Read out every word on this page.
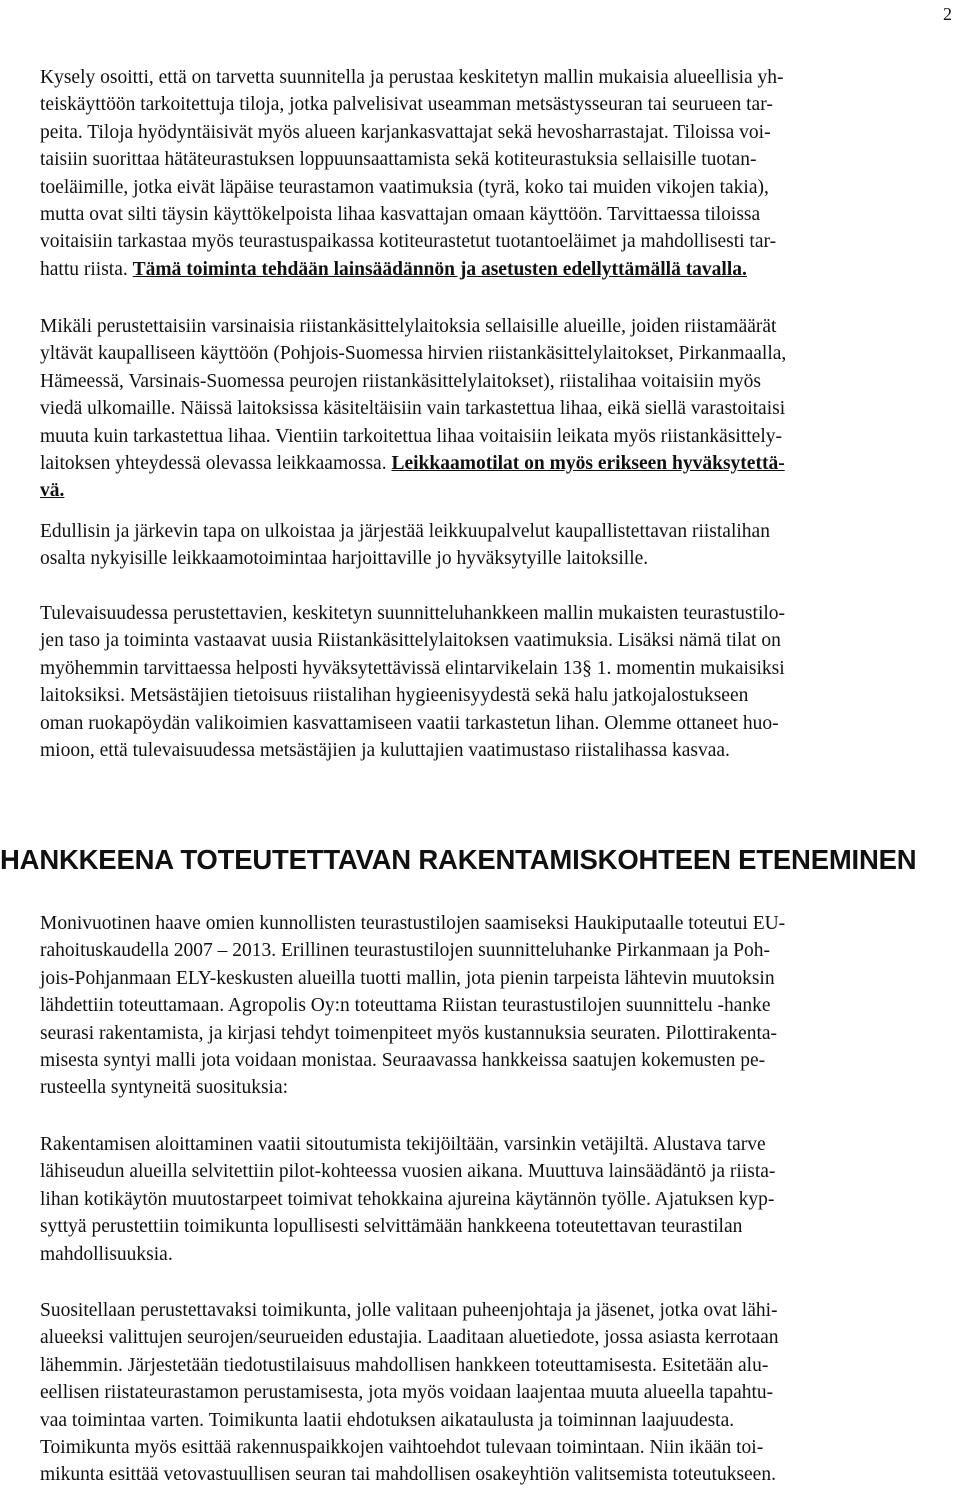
2

Kysely osoitti, että on tarvetta suunnitella ja perustaa keskitetyn mallin mukaisia alueellisia yh-
teiskäyttöön tarkoitettuja tiloja, jotka palvelisivat useamman metsästysseuran tai seurueen tar-
peita. Tiloja hyödyntäisivät myös alueen karjankasvattajat sekä hevosharrastajat. Tiloissa voi-
taisiin suorittaa hätäteurastuksen loppuunsaattamista sekä kotiteurastuksia sellaisille tuotan-
toeläimille, jotka eivät läpäise teurastamon vaatimuksia (tyrä, koko tai muiden vikojen takia),
mutta ovat silti täysin käyttökelpoista lihaa kasvattajan omaan käyttöön. Tarvittaessa tiloissa
voitaisiin tarkastaa myös teurastuspaikassa kotiteurastetut tuotantoeläimet ja mahdollisesti tar-
hattu riista. Tämä toiminta tehdään lainsäädännön ja asetusten edellyttämällä tavalla.

Mikäli perustettaisiin varsinaisia riistankäsittelylaitoksia sellaisille alueille, joiden riistamäärät
yltävät kaupalliseen käyttöön (Pohjois-Suomessa hirvien riistankäsittelylaitokset, Pirkanmaalla,
Hämeessä, Varsinais-Suomessa peurojen riistankäsittelylaitokset), riistalihaa voitaisiin myös
viedä ulkomaille. Näissä laitoksissa käsiteltäisiin vain tarkastettua lihaa, eikä siellä varastoitaisi
muuta kuin tarkastettua lihaa. Vientiin tarkoitettua lihaa voitaisiin leikata myös riistankäsittely-
laitoksen yhteydessä olevassa leikkaamossa. Leikkaamotilat on myös erikseen hyväksytettä-
vä.

Edullisin ja järkevin tapa on ulkoistaa ja järjestää leikkuupalvelut kaupallistettavan riistalihan
osalta nykyisille leikkaamotoimintaa harjoittaville jo hyväksytyille laitoksille.

Tulevaisuudessa perustettavien, keskitetyn suunnitteluhankkeen mallin mukaisten teurastustilo-
jen taso ja toiminta vastaavat uusia Riistankäsittelylaitoksen vaatimuksia. Lisäksi nämä tilat on
myöhemmin tarvittaessa helposti hyväksytettävissä elintarvikelain 13§ 1. momentin mukaisiksi
laitoksiksi. Metsästäjien tietoisuus riistalihan hygieenisyydestä sekä halu jatkojalostukseen
oman ruokapöydän valikoimien kasvattamiseen vaatii tarkastetun lihan. Olemme ottaneet huo-
mioon, että tulevaisuudessa metsästäjien ja kuluttajien vaatimustaso riistalihassa kasvaa.

HANKKEENA TOTEUTETTAVAN RAKENTAMISKOHTEEN ETENEMINEN

Monivuotinen haave omien kunnollisten teurastustilojen saamiseksi Haukiputaalle toteutui EU-
rahoituskaudella 2007 – 2013. Erillinen teurastustilojen suunnitteluhanke Pirkanmaan ja Poh-
jois-Pohjanmaan ELY-keskusten alueilla tuotti mallin, jota pienin tarpeista lähtevin muutoksin
lähdettiin toteuttamaan. Agropolis Oy:n toteuttama Riistan teurastustilojen suunnittelu -hanke
seurasi rakentamista, ja kirjasi tehdyt toimenpiteet myös kustannuksia seuraten. Pilottirakenta-
misesta syntyi malli jota voidaan monistaa. Seuraavassa hankkeissa saatujen kokemusten pe-
rusteella syntyneitä suosituksia:

Rakentamisen aloittaminen vaatii sitoutumista tekijöiltään, varsinkin vetäjiltä. Alustava tarve
lähiseudun alueilla selvitettiin pilot-kohteessa vuosien aikana. Muuttuva lainsäädäntö ja riista-
lihan kotikäytön muutostarpeet toimivat tehokkaina ajureina käytännön työlle. Ajatuksen kyp-
syttyä perustettiin toimikunta lopullisesti selvittämään hankkeena toteutettavan teurastilan
mahdollisuuksia.

Suositellaan perustettavaksi toimikunta, jolle valitaan puheenjohtaja ja jäsenet, jotka ovat lähi-
alueeksi valittujen seurojen/seurueiden edustajia. Laaditaan aluetiedote, jossa asiasta kerrotaan
lähemmin. Järjestetään tiedotustilaisuus mahdollisen hankkeen toteuttamisesta. Esitetään alu-
eellisen riistateurastamon perustamisesta, jota myös voidaan laajentaa muuta alueella tapahtu-
vaa toimintaa varten. Toimikunta laatii ehdotuksen aikataulusta ja toiminnan laajuudesta.
Toimikunta myös esittää rakennuspaikkojen vaihtoehdot tulevaan toimintaan. Niin ikään toi-
mikunta esittää vetovastuullisen seuran tai mahdollisen osakeyhtiön valitsemista toteutukseen.
